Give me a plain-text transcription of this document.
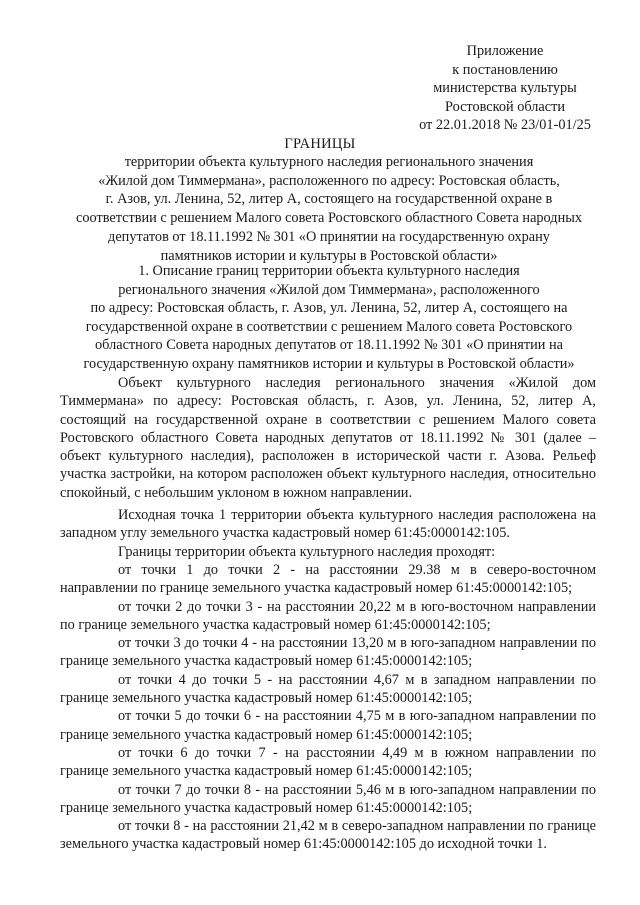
Приложение
к постановлению
министерства культуры
Ростовской области
от 22.01.2018 № 23/01-01/25
ГРАНИЦЫ
территории объекта культурного наследия регионального значения
«Жилой дом Тиммермана», расположенного по адресу: Ростовская область,
г. Азов, ул. Ленина, 52, литер А, состоящего на государственной охране в
соответствии с решением Малого совета Ростовского областного Совета народных
депутатов от 18.11.1992 № 301 «О принятии на государственную охрану
памятников истории и культуры в Ростовской области»
1. Описание границ территории объекта культурного наследия
регионального значения «Жилой дом Тиммермана», расположенного
по адресу: Ростовская область, г. Азов, ул. Ленина, 52, литер А, состоящего на
государственной охране в соответствии с решением Малого совета Ростовского
областного Совета народных депутатов от 18.11.1992 № 301 «О принятии на
государственную охрану памятников истории и культуры в Ростовской области»

Объект культурного наследия регионального значения «Жилой дом Тиммермана» по адресу: Ростовская область, г. Азов, ул. Ленина, 52, литер А, состоящий на государственной охране в соответствии с решением Малого совета Ростовского областного Совета народных депутатов от 18.11.1992 № 301 (далее – объект культурного наследия), расположен в исторической части г. Азова. Рельеф участка застройки, на котором расположен объект культурного наследия, относительно спокойный, с небольшим уклоном в южном направлении.

Исходная точка 1 территории объекта культурного наследия расположена на западном углу земельного участка кадастровый номер 61:45:0000142:105.

Границы территории объекта культурного наследия проходят:

от точки 1 до точки 2 - на расстоянии 29.38 м в северо-восточном направлении по границе земельного участка кадастровый номер 61:45:0000142:105;

от точки 2 до точки 3 - на расстоянии 20,22 м в юго-восточном направлении по границе земельного участка кадастровый номер 61:45:0000142:105;

от точки 3 до точки 4 - на расстоянии 13,20 м в юго-западном направлении по границе земельного участка кадастровый номер 61:45:0000142:105;

от точки 4 до точки 5 - на расстоянии 4,67 м в западном направлении по границе земельного участка кадастровый номер 61:45:0000142:105;

от точки 5 до точки 6 - на расстоянии 4,75 м в юго-западном направлении по границе земельного участка кадастровый номер 61:45:0000142:105;

от точки 6 до точки 7 - на расстоянии 4,49 м в южном направлении по границе земельного участка кадастровый номер 61:45:0000142:105;

от точки 7 до точки 8 - на расстоянии 5,46 м в юго-западном направлении по границе земельного участка кадастровый номер 61:45:0000142:105;

от точки 8 - на расстоянии 21,42 м в северо-западном направлении по границе земельного участка кадастровый номер 61:45:0000142:105 до исходной точки 1.
